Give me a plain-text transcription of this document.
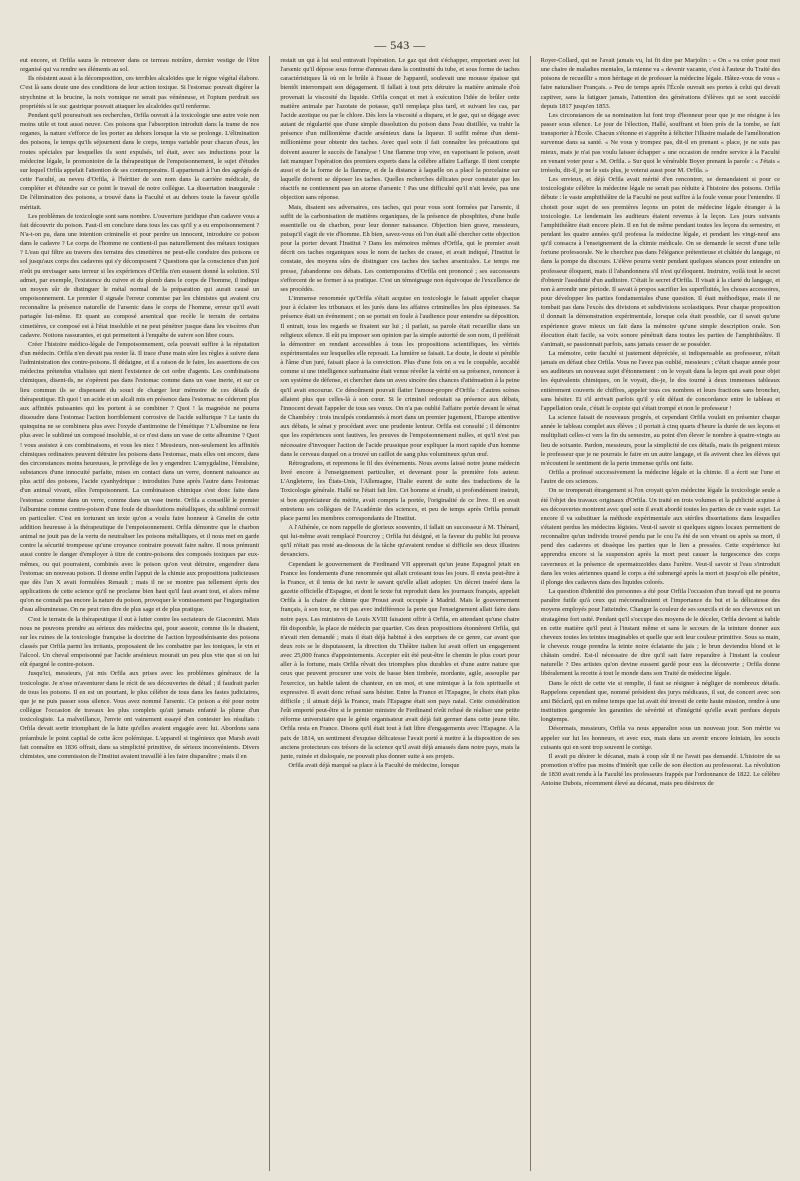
— 543 —

eut encore, et Orfila saura le retrouver dans ce terreau noirâtre, dernier vestige de l'être organisé qui va rendre ses éléments au sol.

Ils résistent aussi à la décomposition, ces terribles alcaloïdes que le règne végétal élabore. C'est là sans doute une des conditions de leur action toxique. Si l'estomac pouvait digérer la strychnine et la brucine, la noix vomique ne serait pas vénéneuse, et l'opium perdrait ses propriétés si le suc gastrique pouvait attaquer les alcaloïdes qu'il renferme.

Pendant qu'il poursuivait ses recherches, Orfila ouvrait à la toxicologie une autre voie non moins utile et tout aussi neuve. Ces poisons que l'absorption introduit dans la trame de nos organes, la nature s'efforce de les porter au dehors lorsque la vie se prolonge. L'élimination des poisons, le temps qu'ils séjournent dans le corps, temps variable pour chacun d'eux, les routes spéciales par lesquelles ils sont expulsés, tel était, avec ses inductions pour la médecine légale, le promontoire de la thérapeutique de l'empoisonnement, le sujet d'études sur lequel Orfila appelait l'attention de ses contemporains. Il appartenait à l'un des agrégés de cette Faculté, au neveu d'Orfila, à l'héritier de son nom dans la carrière médicale, de compléter et d'étendre sur ce point le travail de notre collègue. La dissertation inaugurale : De l'élimination des poisons, a trouvé dans la Faculté et au dehors toute la faveur qu'elle méritait.

Les problèmes de toxicologie sont sans nombre. L'ouverture juridique d'un cadavre vous a fait découvrir du poison. Faut-il en conclure dans tous les cas qu'il y a eu empoisonnement ? N'a-t-on pu, dans une intention criminelle et pour perdre un innocent, introduire ce poison dans le cadavre ? Le corps de l'homme ne contient-il pas naturellement des métaux toxiques ? L'eau qui filtre au travers des terrains des cimetières ne peut-elle conduire des poisons ce sol jusqu'aux corps des cadavres qui s'y décomposent ? Questions que la conscience d'un juré n'eût pu envisager sans terreur si les expériences d'Orfila n'en eussent donné la solution. S'il admet, par exemple, l'existence du cuivre et du plomb dans le corps de l'homme, il indique un moyen sûr de distinguer le métal normal de la préparation qui aurait causé un empoisonnement. Le premier il signale l'erreur commise par les chimistes qui avaient cru reconnaître la présence naturelle de l'arsenic dans le corps de l'homme, erreur qu'il avait partagée lui-même. Et quant au composé arsenical que recèle le terrain de certains cimetières, ce composé est à l'état insoluble et ne peut pénétrer jusque dans les viscères d'un cadavre. Notions rassurantes, et qui permettent à l'enquête de suivre son libre cours.

Créer l'histoire médico-légale de l'empoisonnement, cela pouvait suffire à la réputation d'un médecin. Orfila n'en devait pas rester là. Il trace d'une main sûre les règles à suivre dans l'administration des contre-poisons. Il dédaigne, et il a raison de le faire, les assertions de ces médecins prétendus vitalistes qui nient l'existence de cet ordre d'agents. Les combinaisons chimiques, disent-ils, ne s'opèrent pas dans l'estomac comme dans un vase inerte, et sur ce lieu commun ils se dispensent du souci de charger leur mémoire de ces détails de thérapeutique. Eh quoi ! un acide et un alcali mis en présence dans l'estomac ne céderont plus aux affinités puissantes qui les portent à se combiner ? Quoi ! la magnésie ne pourra dissoudre dans l'estomac l'action horriblement corrosive de l'acide sulfurique ? Le tanin du quinquina ne se combinera plus avec l'oxyde d'antimoine de l'émétique ? L'albumine ne fera plus avec le sublimé un composé insoluble, si ce n'est dans un vase de cette albumine ? Quoi ! vous assistez à ces combinaisons, et vous les niez ! Messieurs, non-seulement les affinités chimiques ordinaires peuvent détruire les poisons dans l'estomac, mais elles ont encore, dans des circonstances moins heureuses, le privilège de les y engendrer. L'amygdaline, l'émulsine, substances d'une innocuité parfaite, mises en contact dans un verre, donnent naissance au plus actif des poisons, l'acide cyanhydrique : introduites l'une après l'autre dans l'estomac d'un animal vivant, elles l'empoisonnent. La combinaison chimique s'est donc faite dans l'estomac comme dans un verre, comme dans un vase inerte. Orfila a conseillé le premier l'albumine comme contre-poison d'une foule de dissolutions métalliques, du sublimé corrosif en particulier. C'est en torturant un texte qu'on a voulu faire honneur à Gmelin de cette addition heureuse à la thérapeutique de l'empoisonnement. Orfila démontre que le charbon animal ne jouit pas de la vertu de neutraliser les poisons métalliques, et il nous met en garde contre la sécurité trompeuse qu'une croyance contraire pouvait faire naître. Il nous prémunit aussi contre le danger d'employer à titre de contre-poisons des composés toxiques par eux-mêmes, ou qui pourraient, combinés avec le poison qu'on veut détruire, engendrer dans l'estomac un nouveau poison. Il donne enfin l'appui de la chimie aux propositions judicieuses que dès l'an X avait formulées Renault ; mais il ne se montre pas tellement épris des applications de cette science qu'il ne proclame bien haut qu'il faut avant tout, et alors même qu'on ne connaît pas encore la nature du poison, provoquer le vomissement par l'ingurgitation d'eau albumineuse. On ne peut rien dire de plus sage et de plus pratique.

C'est le terrain de la thérapeutique il eut à lutter contre les sectateurs de Giacomini. Mais nous ne pouvons prendre au sérieux des médecins qui, pour asseoir, comme ils le disaient, sur les ruines de la toxicologie française la doctrine de l'action hyposthénisante des poisons classés par Orfila parmi les irritants, proposaient de les combattre par les toniques, le vin et l'alcool. Un cheval empoisonné par l'acide arsénieux mourait un peu plus vite que si on lui eût épargné le contre-poison.

Jusqu'ici, messieurs, j'ai mis Orfila aux prises avec les problèmes généraux de la toxicologie. Je n'ose m'aventurer dans le récit de ses découvertes de détail ; il faudrait parler de tous les poisons. Il en est un pourtant, le plus célèbre de tous dans les fastes judiciaires, que je ne puis passer sous silence. Vous avez nommé l'arsenic. Ce poison a été pour notre collègue l'occasion de travaux les plus complets qu'ait jamais enfanté la plume d'un toxicologiste. La malveillance, l'envie ont vainement essayé d'en contester les résultats : Orfila devait sortir triomphant de la lutte qu'elles avaient engagée avec lui. Abordons sans préambule le point capital de cette âcre polémique. L'appareil si ingénieux que Marsh avait fait connaître en 1836 offrait, dans sa simplicité primitive, de sérieux inconvénients. Divers chimistes, une commission de l'Institut avaient travaillé à les faire disparaître ; mais il en

restait un qui à lui seul entravait l'opération. Le gaz qui doit s'échapper, emportant avec lui l'arsenic qu'il dépose sous forme d'anneau dans la continuité du tube, et sous forme de taches caractéristiques là où on le brûle à l'issue de l'appareil, soulevait une mousse épaisse qui bientôt interrompait son dégagement. Il fallait à tout prix détruire la matière animale d'où provenait la viscosité du liquide. Orfila conçut et met à exécution l'idée de brûler cette matière animale par l'azotate de potasse, qu'il remplaça plus tard, et suivant les cas, par l'acide azotique ou par le chlore. Dès lors la viscosité a disparu, et le gaz, qui se dégage avec autant de régularité que d'une simple dissolution du poison dans l'eau distillée, va trahir la présence d'un millionième d'acide arsénieux dans la liqueur. Il suffit même d'un demi-millionième pour obtenir des taches. Avec quel soin il fait connaître les précautions qui doivent assurer le succès de l'analyse ! Une flamme trop vive, en vaporisant le poison, avait fait manquer l'opération des premiers experts dans la célèbre affaire Laffarge. Il tient compte aussi et de la forme de la flamme, et de la distance à laquelle on a placé la porcelaine sur laquelle doivent se déposer les taches. Quelles recherches délicates pour constater que les réactifs ne contiennent pas un atome d'arsenic ! Pas une difficulté qu'il n'ait levée, pas une objection sans réponse.

Mais, disaient ses adversaires, ces taches, qui pour vous sont formées par l'arsenic, il suffit de la carbonisation de matières organiques, de la présence de phosphites, d'une huile essentielle ou de charbon, pour leur donner naissance. Objection bien grave, messieurs, puisqu'il s'agit de vie d'homme. Eh bien, savez-vous où l'on était allé chercher cette objection pour la porter devant l'Institut ? Dans les mémoires mêmes d'Orfila, qui le premier avait décrit ces taches organiques sous le nom de taches de crasse, et avait indiqué, l'Institut le constate, des moyens sûrs de distinguer ces taches des taches arsenicales. Le temps me presse, j'abandonne ces débats. Les contemporains d'Orfila ont prononcé ; ses successeurs s'efforcent de se former à sa pratique. C'est un témoignage non équivoque de l'excellence de ses procédés.

L'immense renommée qu'Orfila s'était acquise en toxicologie le faisait appeler chaque jour à éclairer les tribunaux et les jurés dans les affaires criminelles les plus épineuses. Sa présence était un événement ; on se portait en foule à l'audience pour entendre sa déposition. Il entrait, tous les regards se fixaient sur lui ; il parlait, sa parole était recueillie dans un religieux silence. Il eût pu imposer son opinion par la simple autorité de son nom, il préférait la démontrer en rendant accessibles à tous les propositions scientifiques, les vérités expérimentales sur lesquelles elle reposait. La lumière se faisait. Le doute, le doute si pénible à l'âme d'un juré, faisait place à la conviction. Plus d'une fois on a vu le coupable, accablé comme si une intelligence surhumaine était venue révéler la vérité en sa présence, renoncer à son système de défense, et chercher dans un aveu sincère des chances d'atténuation à la peine qu'il avait encourue. Ce dénoûment pouvait flatter l'amour-propre d'Orfila : d'autres scènes allaient plus que celles-là à son cœur. Si le criminel redoutait sa présence aux débats, l'innocent devait l'appeler de tous ses vœux. On n'a pas oublié l'affaire portée devant le sénat de Chambéry : trois inculpés condamnés à mort dans un premier jugement, l'Europe attentive aux débats, le sénat y procédant avec une prudente lenteur. Orfila est consulté ; il démontre que les expériences sont fautives, les preuves de l'empoisonnement nulles, et qu'il n'est pas nécessaire d'invoquer l'action de l'acide prussique pour expliquer la mort rapide d'un homme dans le cerveau duquel on a trouvé un caillot de sang plus volumineux qu'un œuf.

Rétrogradons, et reprenons le fil des événements. Nous avons laissé notre jeune médecin livré encore à l'enseignement particulier, et devenant pour la première fois auteur. L'Angleterre, les États-Unis, l'Allemagne, l'Italie eurent de suite des traductions de la Toxicologie générale. Hallé ne l'était fait lire. Cet homme si érudit, si profondément instruit, si bon appréciateur du mérite, avait compris la portée, l'originalité de ce livre. Il en avait entretenu ses collègues de l'Académie des sciences, et peu de temps après Orfila prenait place parmi les membres correspondants de l'Institut.

A l'Athénée, ce nom rappelle de glorieux souvenirs, il fallait un successeur à M. Thénard, qui lui-même avait remplacé Fourcroy ; Orfila fut désigné, et la faveur du public lui prouva qu'il n'était pas resté au-dessous de la tâche qu'avaient rendue si difficile ses deux illustres devanciers.

Cependant le gouvernement de Ferdinand VII apprenait qu'un jeune Espagnol jetait en France les fondements d'une renommée qui allait croissant tous les jours. Il envia peut-être à la France, et il tenta de lui ravir le savant qu'elle allait adopter. Un décret inséré dans la gazette officielle d'Espagne, et dont le texte fut reproduit dans les journaux français, appelait Orfila à la chaire de chimie que Proust avait occupée à Madrid. Mais le gouvernement français, à son tour, ne vit pas avec indifférence la perte que l'enseignement allait faire dans notre pays. Les ministres de Louis XVIII faisaient offrir à Orfila, en attendant qu'une chaire fût disponible, la place de médecin par quartier. Ces deux propositions étonnèrent Orfila, qui n'avait rien demandé ; mais il était déjà habitué à des surprises de ce genre, car avant que deux rois se le disputassent, la direction du Théâtre italien lui avait offert un engagement avec 25,000 francs d'appointements. Accepter eût été peut-être le chemin le plus court pour aller à la fortune, mais Orfila rêvait des triomphes plus durables et d'une autre nature que ceux que peuvent procurer une voix de basse bien timbrée, mordante, agile, assouplie par l'exercice, un habile talent de chanteur, en un mot, et une mimique à la fois spirituelle et expressive. Il avait donc refusé sans hésiter. Entre la France et l'Espagne, le choix était plus difficile ; il aimait déjà la France, mais l'Espagne était son pays natal. Cette considération l'eût emporté peut-être si le premier ministre de Ferdinand n'eût refusé de réaliser une petite réforme universitaire que le génie organisateur avait déjà fait germer dans cette jeune tête. Orfila resta en France. Disons qu'il était tout à fait libre d'engagements avec l'Espagne. A la paix de 1814, un sentiment d'exquise délicatesse l'avait porté à mettre à la disposition de ses anciens protecteurs ces trésors de la science qu'il avait déjà amassés dans notre pays, mais la junte, ruinée et disloquée, ne pouvait plus donner suite à ses projets.

Orfila avait déjà marqué sa place à la Faculté de médecine, lorsque

Royer-Collard, qui ne l'avait jamais vu, lui fit dire par Marjolin : « On « va créer pour moi une chaire de maladies mentales, la mienne va « devenir vacante, c'est à l'auteur du Traité des poisons de recueillir « mon héritage et de professer la médecine légale. Hâtez-vous de vous « faire naturaliser Français. » Peu de temps après l'École ouvrait ses portes à celui qui devait captiver, sans la fatiguer jamais, l'attention des générations d'élèves qui se sont succédé depuis 1817 jusqu'en 1853.

Les circonstances de sa nomination lui font trop d'honneur pour que je me résigne à les passer sous silence. Le jour de l'élection, Hallé, souffrant et bien près de la tombe, se fait transporter à l'École. Chacun s'étonne et s'apprête à féliciter l'illustre malade de l'amélioration survenue dans sa santé. « Ne vous y trompez pas, dit-il en prenant « place, je ne suis pas mieux, mais je n'ai pas voulu laisser échapper « une occasion de rendre service à la Faculté en venant voter pour « M. Orfila. » Sur quoi le vénérable Boyer prenant la parole : « J'étais « irrésolu, dit-il, je ne le suis plus, je voterai aussi pour M. Orfila. »

Les envieux, et déjà Orfila avait mérité d'en rencontrer, se demandaient si pour ce toxicologiste célèbre la médecine légale ne serait pas réduite à l'histoire des poisons. Orfila débute : le vaste amphithéâtre de la Faculté ne peut suffire à la foule venue pour l'entendre. Il choisit pour sujet de ses premières leçons un point de médecine légale étranger à la toxicologie. Le lendemain les auditeurs étaient revenus à la leçon. Les jours suivants l'amphithéâtre était encore plein. Il en fut de même pendant toutes les leçons du semestre, et pendant les quatre années qu'il professa la médecine légale, et pendant les vingt-neuf ans qu'il consacra à l'enseignement de la chimie médicale. On se demande le secret d'une telle fortune professorale. Ne le cherchez pas dans l'élégance prétentieuse et châtiée du langage, ni dans la pompe du discours. L'élève pourra venir pendant quelques séances pour entendre un professeur éloquent, mais il l'abandonnera s'il n'est qu'éloquent. Instruire, voilà tout le secret d'obtenir l'assiduité d'un auditoire. C'était le secret d'Orfila. Il visait à la clarté du langage, et non à arrondir une période. Il savait à propos sacrifier les superfluités, les choses accessoires, pour développer les parties fondamentales d'une question. Il était méthodique, mais il ne tombait pas dans l'excès des divisions et subdivisions scolastiques. Pour chaque proposition il donnait la démonstration expérimentale, lorsque cela était possible, car il savait qu'une expérience grave mieux un fait dans la mémoire qu'une simple description orale. Son élocution était facile, sa voix sonore pénétrait dans toutes les parties de l'amphithéâtre. Il s'animait, se passionnait parfois, sans jamais cesser de se posséder.

La mémoire, cette faculté si justement dépréciée, si indispensable au professeur, n'était jamais en défaut chez Orfila. Vous ne l'avez pas oublié, messieurs ; c'était chaque année pour ses auditeurs un nouveau sujet d'étonnement : on le voyait dans la leçon qui avait pour objet les équivalents chimiques, on le voyait, dis-je, le dos tourné à deux immenses tableaux entièrement couverts de chiffres, appeler tous ces nombres et leurs fractions sans broncher, sans hésiter. Et s'il arrivait parfois qu'il y eût défaut de concordance entre le tableau et l'appellation orale, c'était le copiste qui s'était trompé et non le professeur !

La science faisait de nouveaux progrès, et cependant Orfila voulait en présenter chaque année le tableau complet aux élèves ; il portait à cinq quarts d'heure la durée de ses leçons et multipliait celles-ci vers la fin du semestre, au point d'en élever le nombre à quatre-vingts au lieu de soixante. Pardon, messieurs, pour la simplicité de ces détails, mais ils peignent mieux le professeur que je ne pourrais le faire en un autre langage, et ils avivent chez les élèves qui m'écoutent le sentiment de la perte immense qu'ils ont faite.

Orfila a professé successivement la médecine légale et la chimie. Il a écrit sur l'une et l'autre de ces sciences.

On se tromperait étrangement si l'on croyait qu'en médecine légale la toxicologie seule a été l'objet des travaux originaux d'Orfila. Un traité en trois volumes et la publicité acquise à ses découvertes montrent avec quel soin il avait abordé toutes les parties de ce vaste sujet. La encore il va substituer la méthode expérimentale aux stériles dissertations dans lesquelles s'étaient perdus les médecins légistes. Veut-il savoir si quelques signes locaux permettent de reconnaître qu'un individu trouvé pendu par le cou l'a été de son vivant ou après sa mort, il pend des cadavres et dissèque les parties que le lien a pressées. Cette expérience lui apprendra encore si la suspension après la mort peut causer la turgescence des corps caverneux et la présence de spermatozoïdes dans l'urètre. Veut-il savoir si l'eau s'introduit dans les voies aériennes quand le corps a été submergé après la mort et jusqu'où elle pénètre, il plonge des cadavres dans des liquides colorés.

La question d'identité des personnes a été pour Orfila l'occasion d'un travail qui ne pourra paraître futile qu'à ceux qui méconnaîtraient et l'importance du but et la délicatesse des moyens employés pour l'atteindre. Changer la couleur de ses sourcils et de ses cheveux est un stratagème fort usité. Pendant qu'il s'occupe des moyens de le déceler, Orfila devient si habile en cette matière qu'il peut à l'instant même et sans le secours de la teinture donner aux cheveux toutes les teintes imaginables et quelle que soit leur couleur primitive. Sous sa main, le cheveux rouge prendra la teinte noire éclatante du jais ; le brun deviendra blond et le châtain cendré. Est-il nécessaire de dire qu'il sait faire reparaître à l'instant la couleur naturelle ? Des artistes qu'on devine eussent gardé pour eux la découverte ; Orfila donne libéralement la recette à tout le monde dans son Traité de médecine légale.

Dans le récit de cette vie si remplie, il faut se résigner à négliger de nombreux détails. Rappelons cependant que, nommé président des jurys médicaux, il sut, de concert avec son ami Béclard, qui en même temps que lui avait été investi de cette haute mission, rendre à une institution gangrenée les garanties de sévérité et d'intégrité qu'elle avait perdues depuis longtemps.

Désormais, messieurs, Orfila va nous apparaître sous un nouveau jour. Son mérite va appeler sur lui les honneurs, et avec eux, mais dans un avenir encore lointain, les soucis cuisants qui en sont trop souvent le cortège.

Il avait pu désirer le décanat, mais à coup sûr il ne l'avait pas demandé. L'histoire de sa promotion n'offre pas moins d'intérêt que celle de son élection au professorat. La révolution de 1830 avait rendu à la Faculté les professeurs frappés par l'ordonnance de 1822. Le célèbre Antoine Dubois, récemment élevé au décanat, mais peu désireux de
